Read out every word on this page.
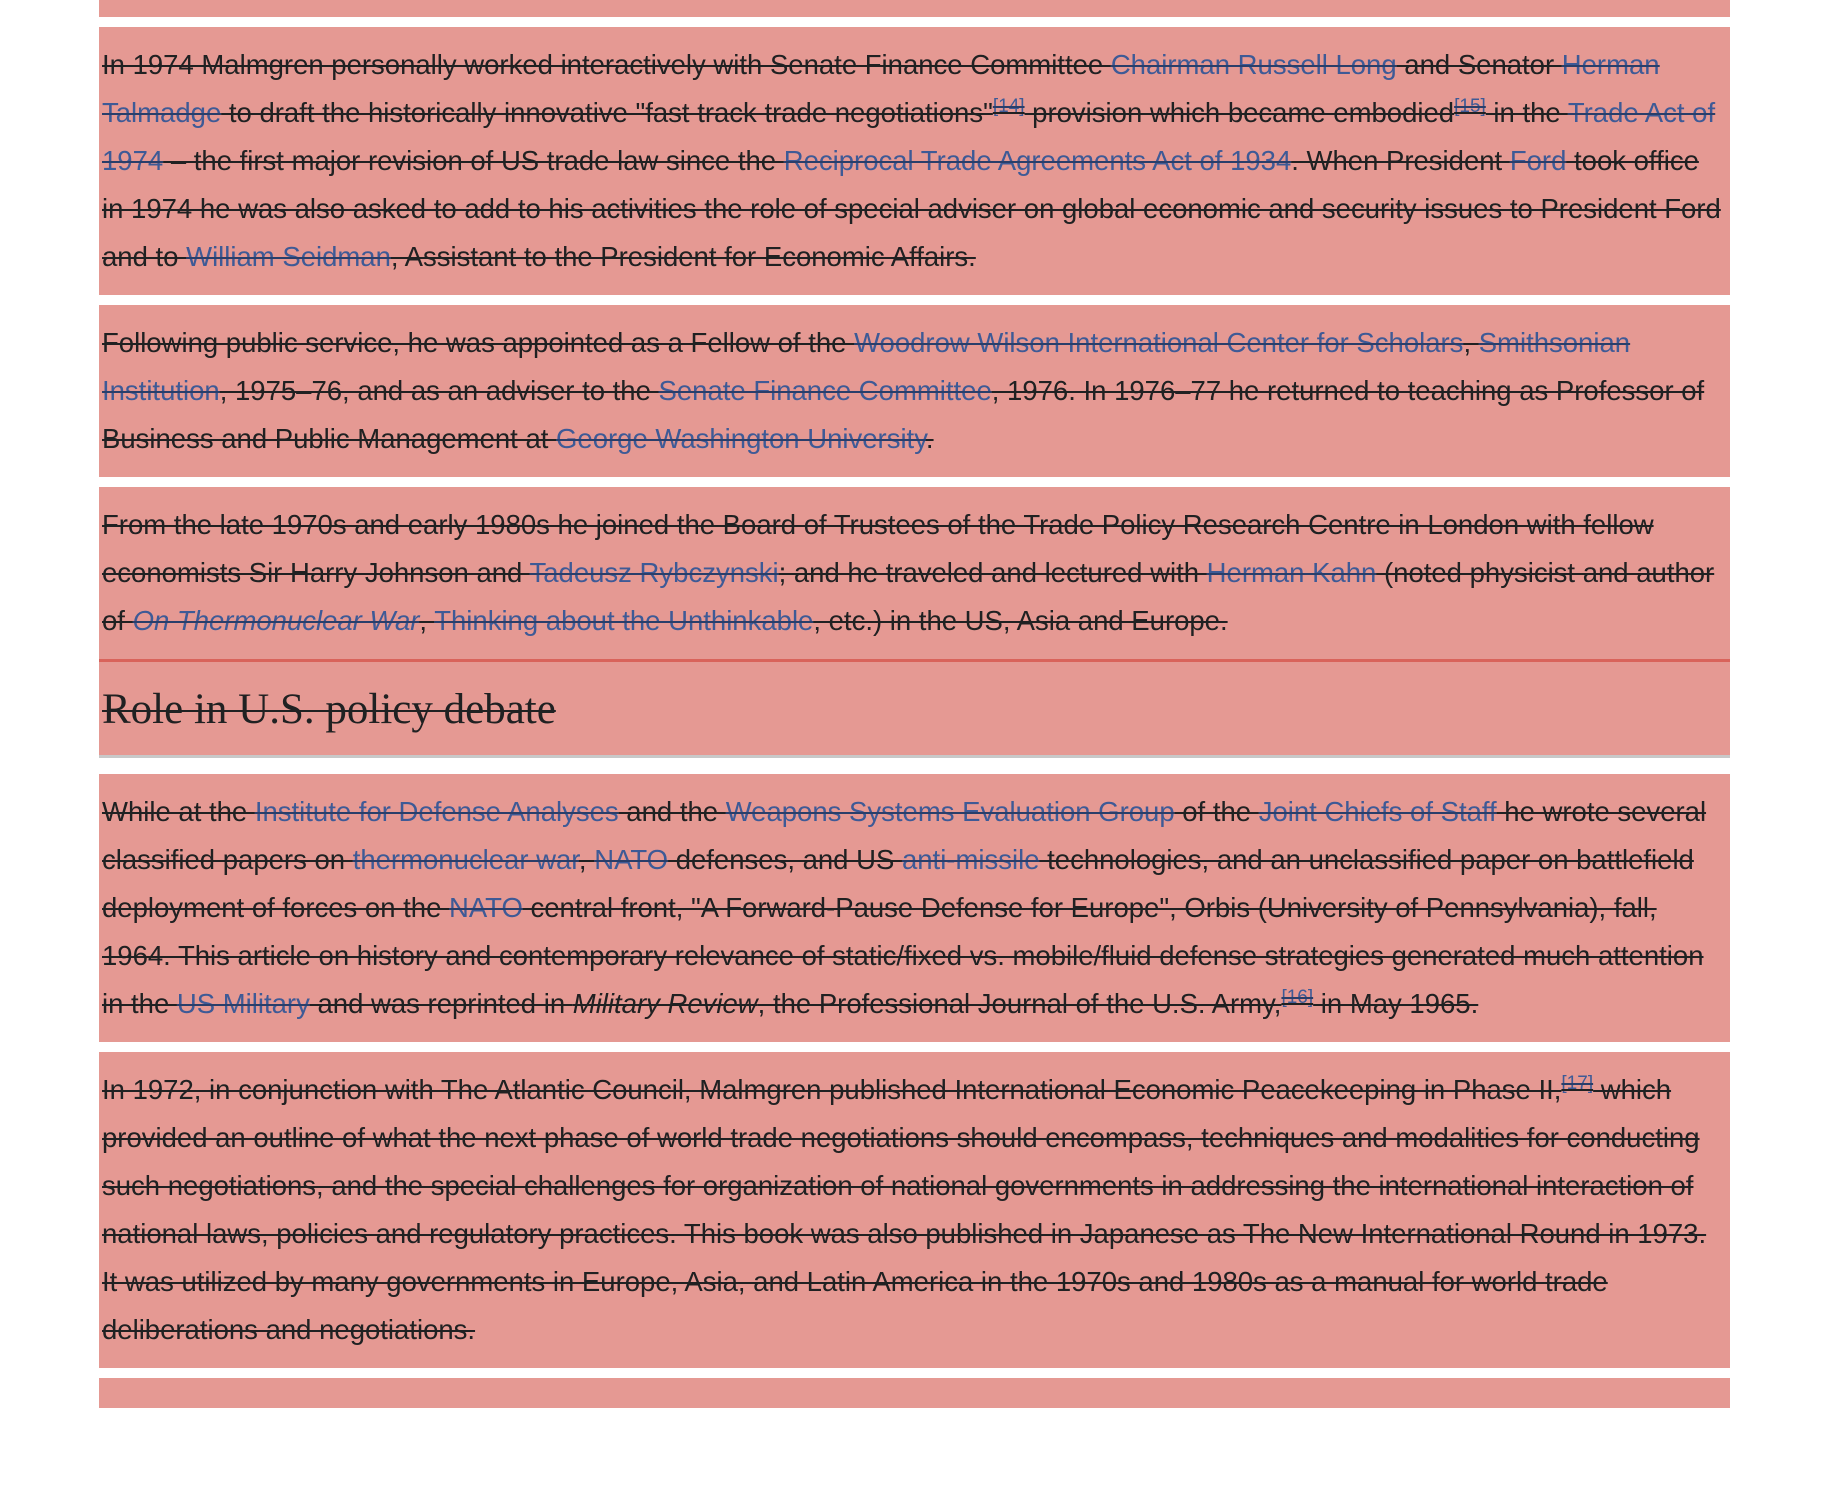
In 1974 Malmgren personally worked interactively with Senate Finance Committee Chairman Russell Long and Senator Herman Talmadge to draft the historically innovative "fast track trade negotiations"[14] provision which became embodied[15] in the Trade Act of 1974 – the first major revision of US trade law since the Reciprocal Trade Agreements Act of 1934. When President Ford took office in 1974 he was also asked to add to his activities the role of special adviser on global economic and security issues to President Ford and to William Seidman, Assistant to the President for Economic Affairs.

Following public service, he was appointed as a Fellow of the Woodrow Wilson International Center for Scholars, Smithsonian Institution, 1975–76, and as an adviser to the Senate Finance Committee, 1976. In 1976–77 he returned to teaching as Professor of Business and Public Management at George Washington University.

From the late 1970s and early 1980s he joined the Board of Trustees of the Trade Policy Research Centre in London with fellow economists Sir Harry Johnson and Tadeusz Rybczynski; and he traveled and lectured with Herman Kahn (noted physicist and author of On Thermonuclear War, Thinking about the Unthinkable, etc.) in the US, Asia and Europe.

Role in U.S. policy debate

While at the Institute for Defense Analyses and the Weapons Systems Evaluation Group of the Joint Chiefs of Staff he wrote several classified papers on thermonuclear war, NATO defenses, and US anti-missile technologies, and an unclassified paper on battlefield deployment of forces on the NATO central front, "A Forward-Pause Defense for Europe", Orbis (University of Pennsylvania), fall, 1964. This article on history and contemporary relevance of static/fixed vs. mobile/fluid defense strategies generated much attention in the US Military and was reprinted in Military Review, the Professional Journal of the U.S. Army,[16] in May 1965.

In 1972, in conjunction with The Atlantic Council, Malmgren published International Economic Peacekeeping in Phase II,[17] which provided an outline of what the next phase of world trade negotiations should encompass, techniques and modalities for conducting such negotiations, and the special challenges for organization of national governments in addressing the international interaction of national laws, policies and regulatory practices. This book was also published in Japanese as The New International Round in 1973. It was utilized by many governments in Europe, Asia, and Latin America in the 1970s and 1980s as a manual for world trade deliberations and negotiations.
